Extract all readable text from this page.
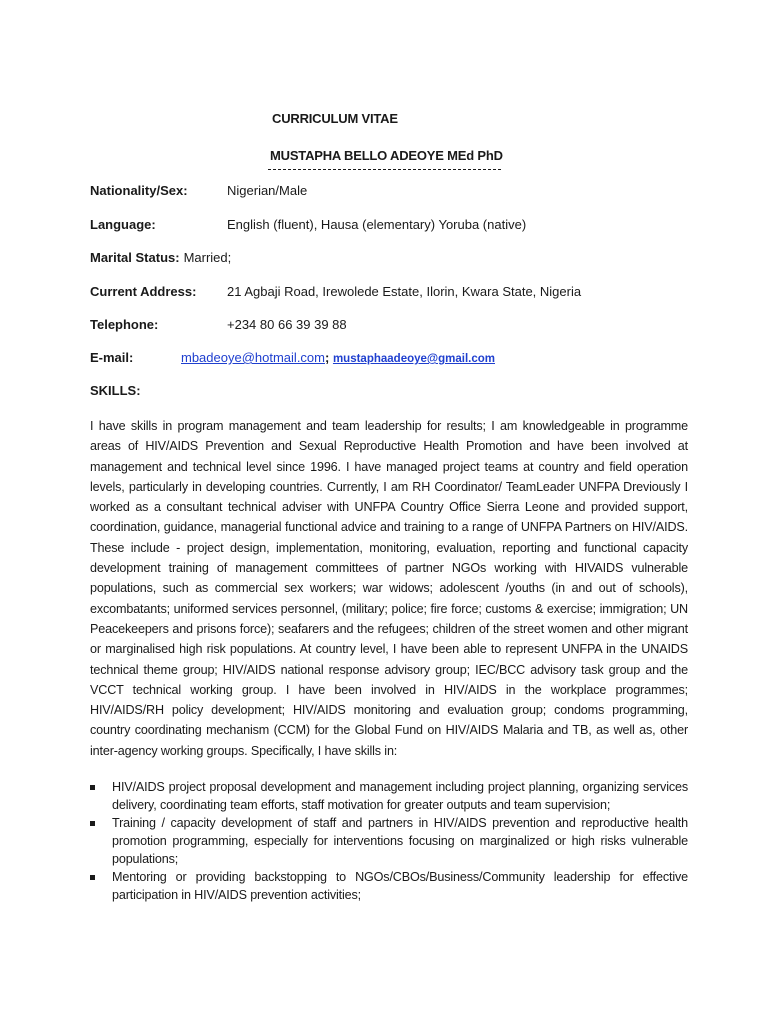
CURRICULUM VITAE
MUSTAPHA BELLO ADEOYE MEd PhD
Nationality/Sex:	Nigerian/Male
Language:	English (fluent), Hausa (elementary) Yoruba (native)
Marital Status: Married;
Current Address: 21 Agbaji Road, Irewolede Estate, Ilorin, Kwara State, Nigeria
Telephone:	+234 80 66 39 39 88
E-mail:	mbadeoye@hotmail.com; mustaphaadeoye@gmail.com
SKILLS:
I have skills in program management and team leadership for results; I am knowledgeable in programme areas of HIV/AIDS Prevention and Sexual Reproductive Health Promotion and have been involved at management and technical level since 1996. I have managed project teams at country and field operation levels, particularly in developing countries. Currently, I am RH Coordinator/ TeamLeader UNFPA Dreviously I worked as a consultant technical adviser with UNFPA Country Office Sierra Leone and provided support, coordination, guidance, managerial functional advice and training to a range of UNFPA Partners on HIV/AIDS. These include - project design, implementation, monitoring, evaluation, reporting and functional capacity development training of management committees of partner NGOs working with HIVAIDS vulnerable populations, such as commercial sex workers; war widows; adolescent /youths (in and out of schools), excombatants; uniformed services personnel, (military; police; fire force; customs & exercise; immigration; UN Peacekeepers and prisons force); seafarers and the refugees; children of the street women and other migrant or marginalised high risk populations. At country level, I have been able to represent UNFPA in the UNAIDS technical theme group; HIV/AIDS national response advisory group; IEC/BCC advisory task group and the VCCT technical working group. I have been involved in HIV/AIDS in the workplace programmes; HIV/AIDS/RH policy development; HIV/AIDS monitoring and evaluation group; condoms programming, country coordinating mechanism (CCM) for the Global Fund on HIV/AIDS Malaria and TB, as well as, other inter-agency working groups. Specifically, I have skills in:
HIV/AIDS project proposal development and management including project planning, organizing services delivery, coordinating team efforts, staff motivation for greater outputs and team supervision;
Training / capacity development of staff and partners in HIV/AIDS prevention and reproductive health promotion programming, especially for interventions focusing on marginalized or high risks vulnerable populations;
Mentoring or providing backstopping to NGOs/CBOs/Business/Community leadership for effective participation in HIV/AIDS prevention activities;
